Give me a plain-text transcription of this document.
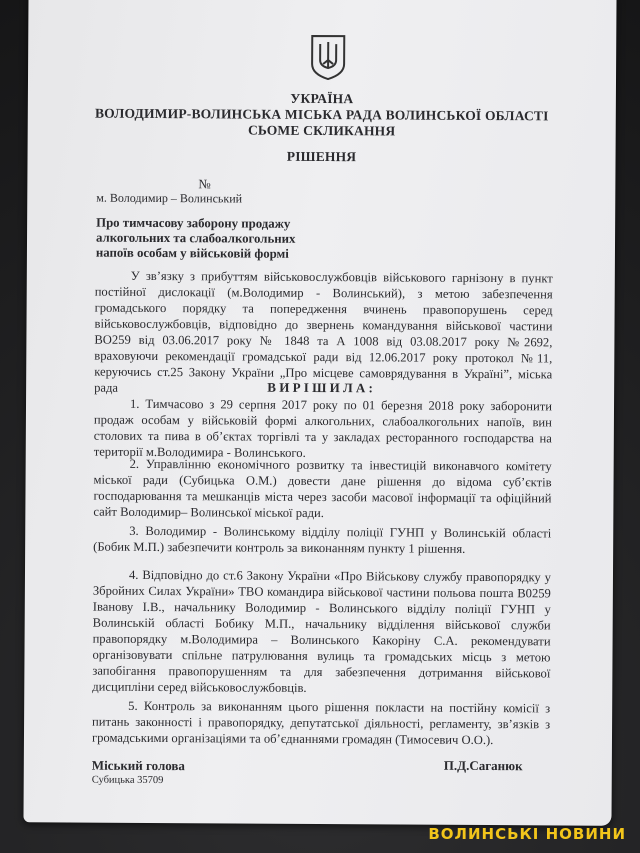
УКРАЇНА
ВОЛОДИМИР-ВОЛИНСЬКА МІСЬКА РАДА ВОЛИНСЬКОЇ ОБЛАСТІ
СЬОМЕ СКЛИКАННЯ
РІШЕННЯ
№
м. Володимир – Волинський
Про тимчасову заборону продажу
алкогольних та слабоалкогольних
напоїв особам у військовій формі
У зв’язку з прибуттям військовослужбовців військового гарнізону в пункт постійної дислокації (м.Володимир - Волинський), з метою забезпечення громадського порядку та попередження вчинень правопорушень серед військовослужбовців, відповідно до звернень командування військової частини ВО259 від 03.06.2017 року № 1848 та А 1008 від 03.08.2017 року №2692, враховуючи рекомендації громадської ради від 12.06.2017 року протокол №11, керуючись ст.25 Закону України „Про місцеве самоврядування в Україні”, міська рада	В И Р І Ш И Л А :
1. Тимчасово з 29 серпня 2017 року по 01 березня 2018 року заборонити продаж особам у військовій формі алкогольних, слабоалкогольних напоїв, вин столових та пива в об’єктах торгівлі та у закладах ресторанного господарства на території м.Володимира - Волинського.
2. Управлінню економічного розвитку та інвестицій виконавчого комітету міської ради (Субицька О.М.) довести дане рішення до відома суб’єктів господарювання та мешканців міста через засоби масової інформації та офіційний сайт Володимир– Волинської міської ради.
3. Володимир - Волинському відділу поліції ГУНП у Волинській області (Бобик М.П.) забезпечити контроль за виконанням пункту 1 рішення.
4. Відповідно до ст.6 Закону України «Про Військову службу правопорядку у Збройних Силах України» ТВО командира військової частини польова пошта В0259 Іванову І.В., начальнику Володимир - Волинського відділу поліції ГУНП у Волинській області Бобику М.П., начальнику відділення військової служби правопорядку м.Володимира – Волинського Какоріну С.А. рекомендувати організовувати спільне патрулювання вулиць та громадських місць з метою запобігання правопорушенням та для забезпечення дотримання військової дисципліни серед військовослужбовців.
5. Контроль за виконанням цього рішення покласти на постійну комісії з питань законності і правопорядку, депутатської діяльності, регламенту, зв’язків з громадськими організаціями та об’єднаннями громадян (Тимосевич О.О.).
Міський голова
Субицька 35709
П.Д.Саганюк
ВОЛИНСЬКІ НОВИНИ
